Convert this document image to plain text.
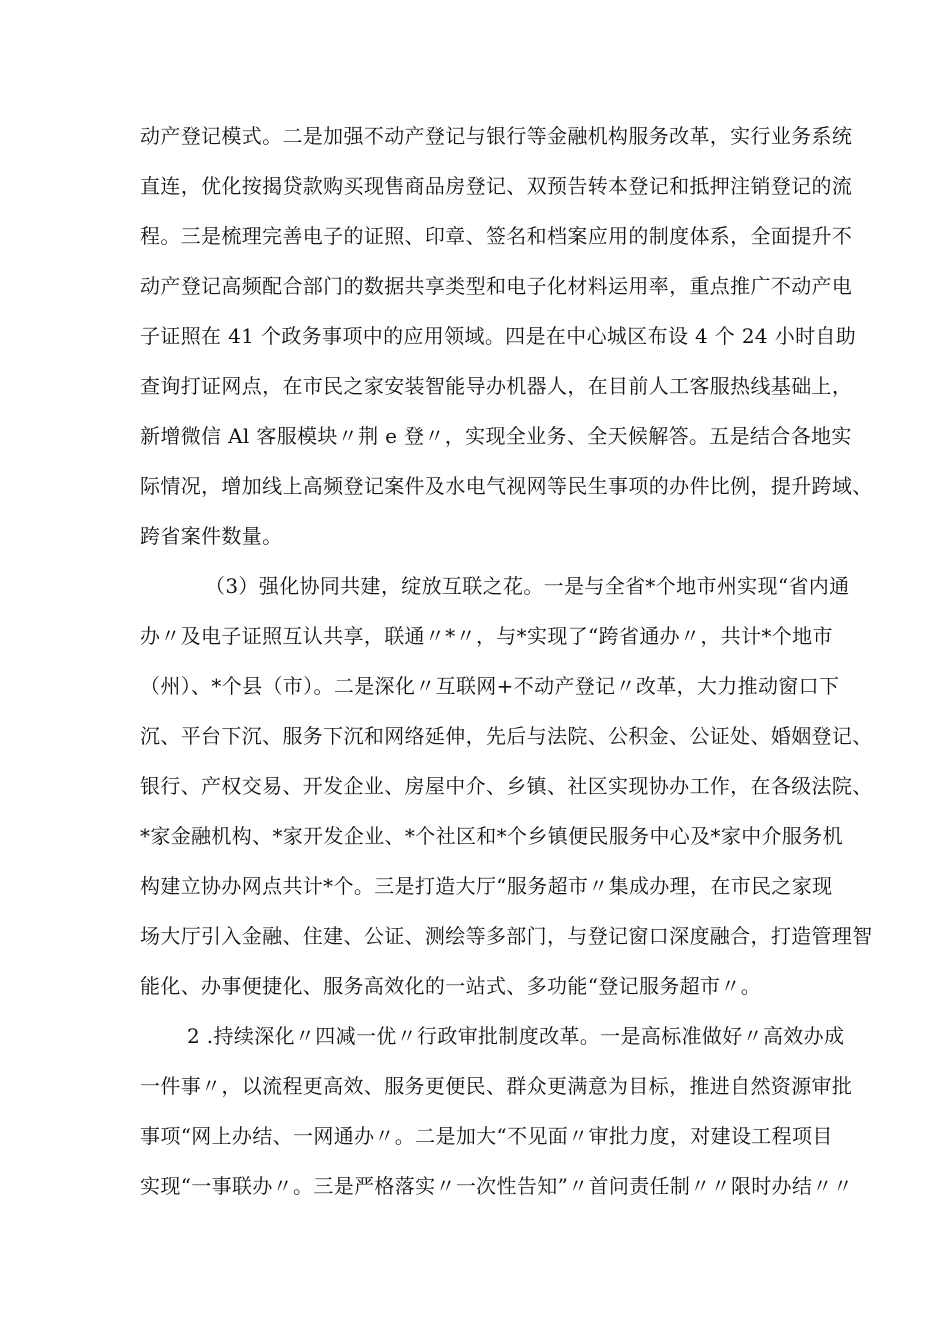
动产登记模式。二是加强不动产登记与银行等金融机构服务改革，实行业务系统
直连，优化按揭贷款购买现售商品房登记、双预告转本登记和抵押注销登记的流
程。三是梳理完善电子的证照、印章、签名和档案应用的制度体系，全面提升不
动产登记高频配合部门的数据共享类型和电子化材料运用率，重点推广不动产电
子证照在 41 个政务事项中的应用领域。四是在中心城区布设 4 个 24 小时自助
查询打证网点，在市民之家安装智能导办机器人，在目前人工客服热线基础上，
新增微信 Al 客服模块〃荆 e 登〃，实现全业务、全天候解答。五是结合各地实
际情况，增加线上高频登记案件及水电气视网等民生事项的办件比例，提升跨域、
跨省案件数量。
（3）强化协同共建，绽放互联之花。一是与全省*个地市州实现“省内通
办〃及电子证照互认共享，联通〃*〃，与*实现了“跨省通办〃，共计*个地市
（州）、*个县（市）。二是深化〃互联网+不动产登记〃改革，大力推动窗口下
沉、平台下沉、服务下沉和网络延伸，先后与法院、公积金、公证处、婚姻登记、
银行、产权交易、开发企业、房屋中介、乡镇、社区实现协办工作，在各级法院、
*家金融机构、*家开发企业、*个社区和*个乡镇便民服务中心及*家中介服务机
构建立协办网点共计*个。三是打造大厅“服务超市〃集成办理，在市民之家现
场大厅引入金融、住建、公证、测绘等多部门，与登记窗口深度融合，打造管理智
能化、办事便捷化、服务高效化的一站式、多功能“登记服务超市〃。
2 .持续深化〃四减一优〃行政审批制度改革。一是高标准做好〃高效办成
一件事〃，以流程更高效、服务更便民、群众更满意为目标，推进自然资源审批
事项“网上办结、一网通办〃。二是加大“不见面〃审批力度，对建设工程项目
实现“一事联办〃。三是严格落实〃一次性告知”〃首问责任制〃〃限时办结〃〃
